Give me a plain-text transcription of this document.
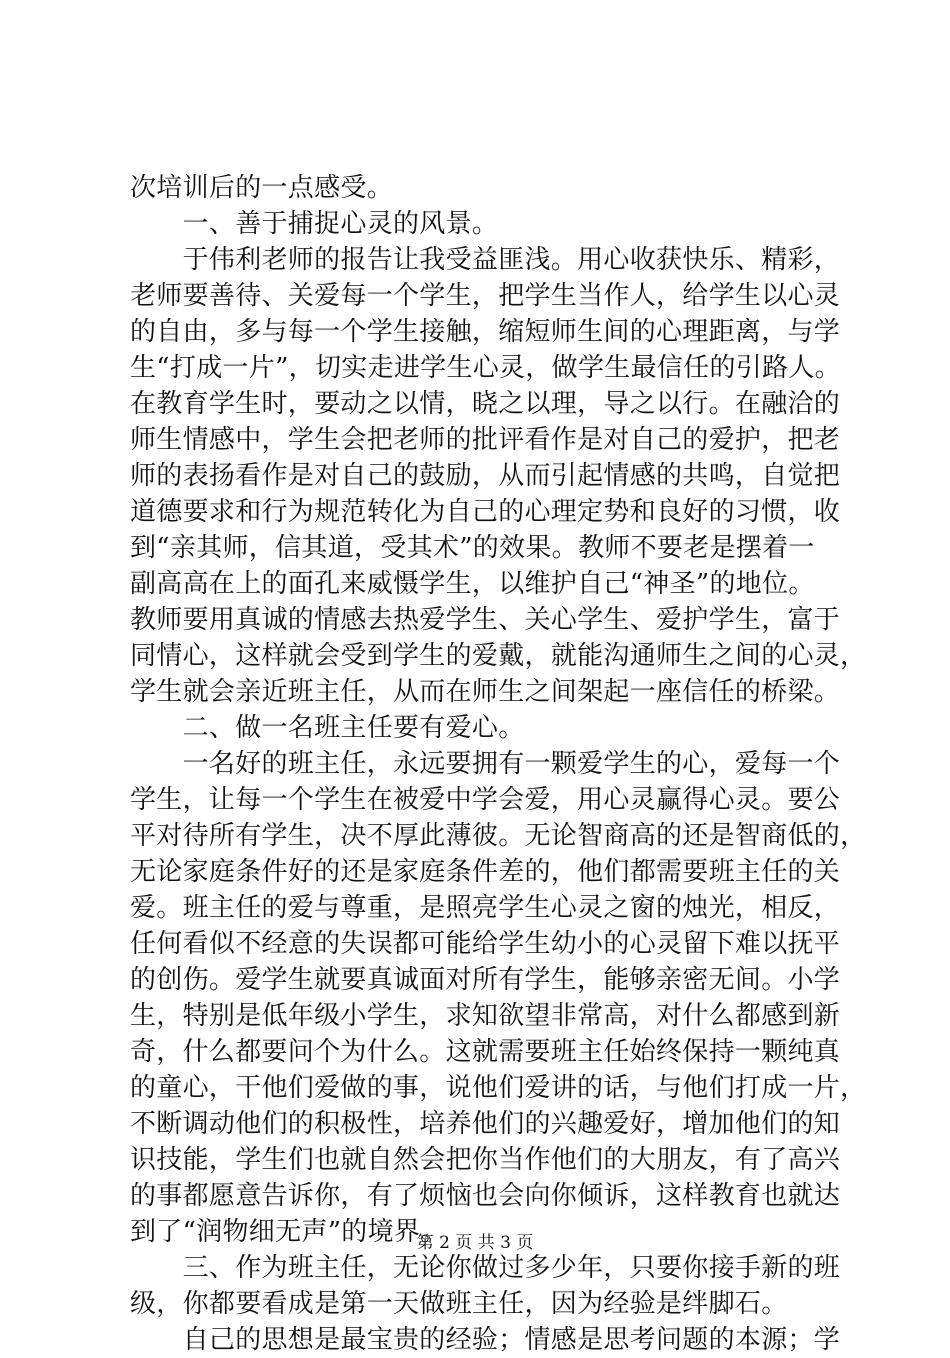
次培训后的一点感受。
　　一、善于捕捉心灵的风景。
　　于伟利老师的报告让我受益匪浅。用心收获快乐、精彩，
老师要善待、关爱每一个学生，把学生当作人，给学生以心灵
的自由，多与每一个学生接触，缩短师生间的心理距离，与学
生“打成一片”，切实走进学生心灵，做学生最信任的引路人。
在教育学生时，要动之以情，晓之以理，导之以行。在融洽的
师生情感中，学生会把老师的批评看作是对自己的爱护，把老
师的表扬看作是对自己的鼓励，从而引起情感的共鸣，自觉把
道德要求和行为规范转化为自己的心理定势和良好的习惯，收
到“亲其师，信其道，受其术”的效果。教师不要老是摆着一
副高高在上的面孔来威慑学生，以维护自己“神圣”的地位。
教师要用真诚的情感去热爱学生、关心学生、爱护学生，富于
同情心，这样就会受到学生的爱戴，就能沟通师生之间的心灵，
学生就会亲近班主任，从而在师生之间架起一座信任的桥梁。
　　二、做一名班主任要有爱心。
　　一名好的班主任，永远要拥有一颗爱学生的心，爱每一个
学生，让每一个学生在被爱中学会爱，用心灵赢得心灵。要公
平对待所有学生，决不厚此薄彼。无论智商高的还是智商低的，
无论家庭条件好的还是家庭条件差的，他们都需要班主任的关
爱。班主任的爱与尊重，是照亮学生心灵之窗的烛光，相反，
任何看似不经意的失误都可能给学生幼小的心灵留下难以抚平
的创伤。爱学生就要真诚面对所有学生，能够亲密无间。小学
生，特别是低年级小学生，求知欲望非常高，对什么都感到新
奇，什么都要问个为什么。这就需要班主任始终保持一颗纯真
的童心，干他们爱做的事，说他们爱讲的话，与他们打成一片，
不断调动他们的积极性，培养他们的兴趣爱好，增加他们的知
识技能，学生们也就自然会把你当作他们的大朋友，有了高兴
的事都愿意告诉你，有了烦恼也会向你倾诉，这样教育也就达
到了“润物细无声”的境界。
　　三、作为班主任，无论你做过多少年，只要你接手新的班
级，你都要看成是第一天做班主任，因为经验是绊脚石。
　　自己的思想是最宝贵的经验；情感是思考问题的本源；学
第 2 页 共 3 页
